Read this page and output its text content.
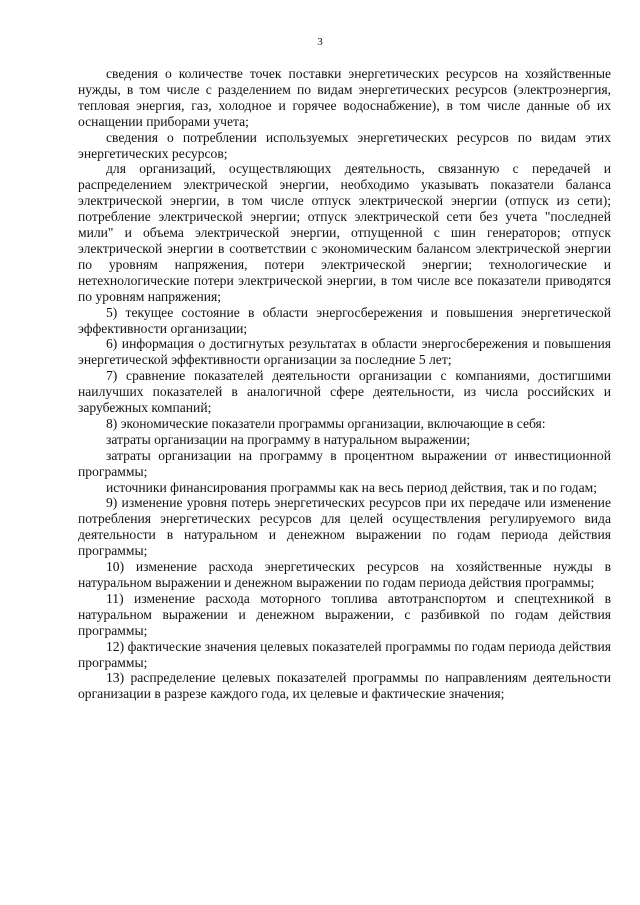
3

сведения о количестве точек поставки энергетических ресурсов на хозяйственные нужды, в том числе с разделением по видам энергетических ресурсов (электроэнергия, тепловая энергия, газ, холодное и горячее водоснабжение), в том числе данные об их оснащении приборами учета;

сведения о потреблении используемых энергетических ресурсов по видам этих энергетических ресурсов;

для организаций, осуществляющих деятельность, связанную с передачей и распределением электрической энергии, необходимо указывать показатели баланса электрической энергии, в том числе отпуск электрической энергии (отпуск из сети); потребление электрической энергии; отпуск электрической сети без учета "последней мили" и объема электрической энергии, отпущенной с шин генераторов; отпуск электрической энергии в соответствии с экономическим балансом электрической энергии по уровням напряжения, потери электрической энергии; технологические и нетехнологические потери электрической энергии, в том числе все показатели приводятся по уровням напряжения;

5) текущее состояние в области энергосбережения и повышения энергетической эффективности организации;

6) информация о достигнутых результатах в области энергосбережения и повышения энергетической эффективности организации за последние 5 лет;

7) сравнение показателей деятельности организации с компаниями, достигшими наилучших показателей в аналогичной сфере деятельности, из числа российских и зарубежных компаний;

8) экономические показатели программы организации, включающие в себя:

затраты организации на программу в натуральном выражении;

затраты организации на программу в процентном выражении от инвестиционной программы;

источники финансирования программы как на весь период действия, так и по годам;

9) изменение уровня потерь энергетических ресурсов при их передаче или изменение потребления энергетических ресурсов для целей осуществления регулируемого вида деятельности в натуральном и денежном выражении по годам периода действия программы;

10) изменение расхода энергетических ресурсов на хозяйственные нужды в натуральном выражении и денежном выражении по годам периода действия программы;

11) изменение расхода моторного топлива автотранспортом и спецтехникой в натуральном выражении и денежном выражении, с разбивкой по годам действия программы;

12) фактические значения целевых показателей программы по годам периода действия программы;

13) распределение целевых показателей программы по направлениям деятельности организации в разрезе каждого года, их целевые и фактические значения;
